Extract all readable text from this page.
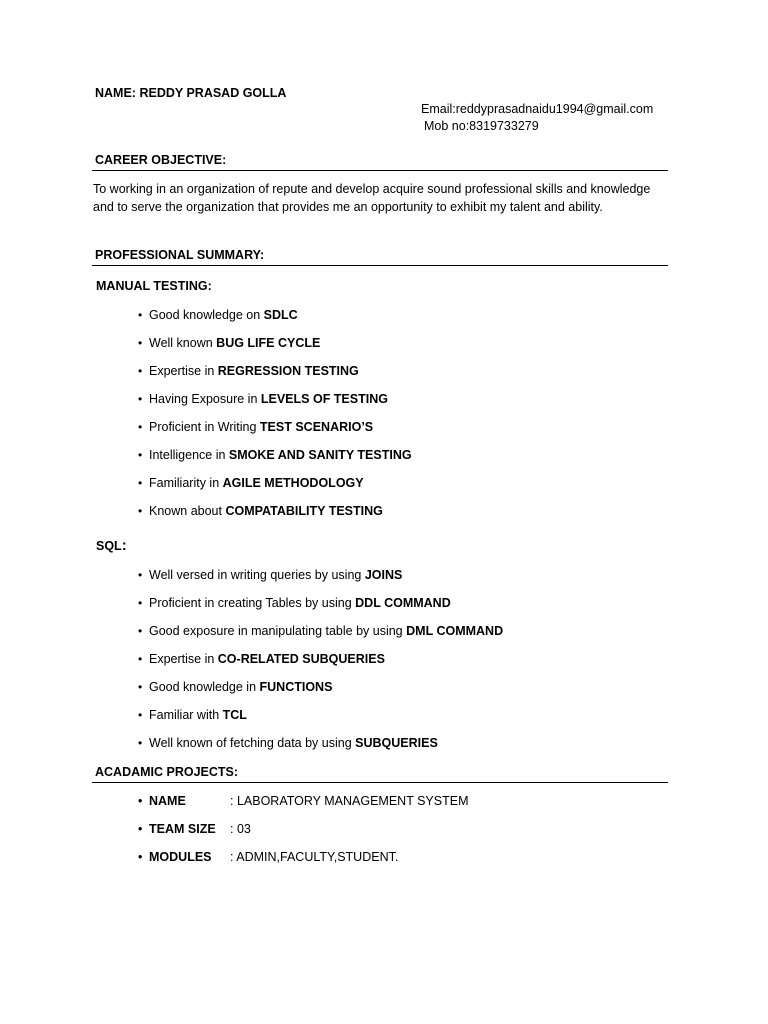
NAME: REDDY PRASAD GOLLA
Email:reddyprasadnaidu1994@gmail.com
Mob no:8319733279
CAREER OBJECTIVE:
To working in an organization of repute and develop acquire sound professional skills and knowledge and to serve the organization that provides me an opportunity to exhibit my talent and ability.
PROFESSIONAL SUMMARY:
MANUAL TESTING:
• Good knowledge on SDLC
• Well known BUG LIFE CYCLE
• Expertise in REGRESSION TESTING
• Having Exposure in LEVELS OF TESTING
• Proficient in Writing TEST SCENARIO’S
• Intelligence in SMOKE AND SANITY TESTING
• Familiarity in AGILE METHODOLOGY
• Known about COMPATABILITY TESTING
SQL:
• Well versed in writing queries by using JOINS
• Proficient in creating Tables by using DDL COMMAND
• Good exposure in manipulating table by using DML COMMAND
• Expertise in CO-RELATED SUBQUERIES
• Good knowledge in FUNCTIONS
• Familiar with TCL
• Well known of fetching data by using SUBQUERIES
ACADAMIC PROJECTS:
• NAME	: LABORATORY MANAGEMENT SYSTEM
• TEAM SIZE : 03
• MODULES : ADMIN,FACULTY,STUDENT.
